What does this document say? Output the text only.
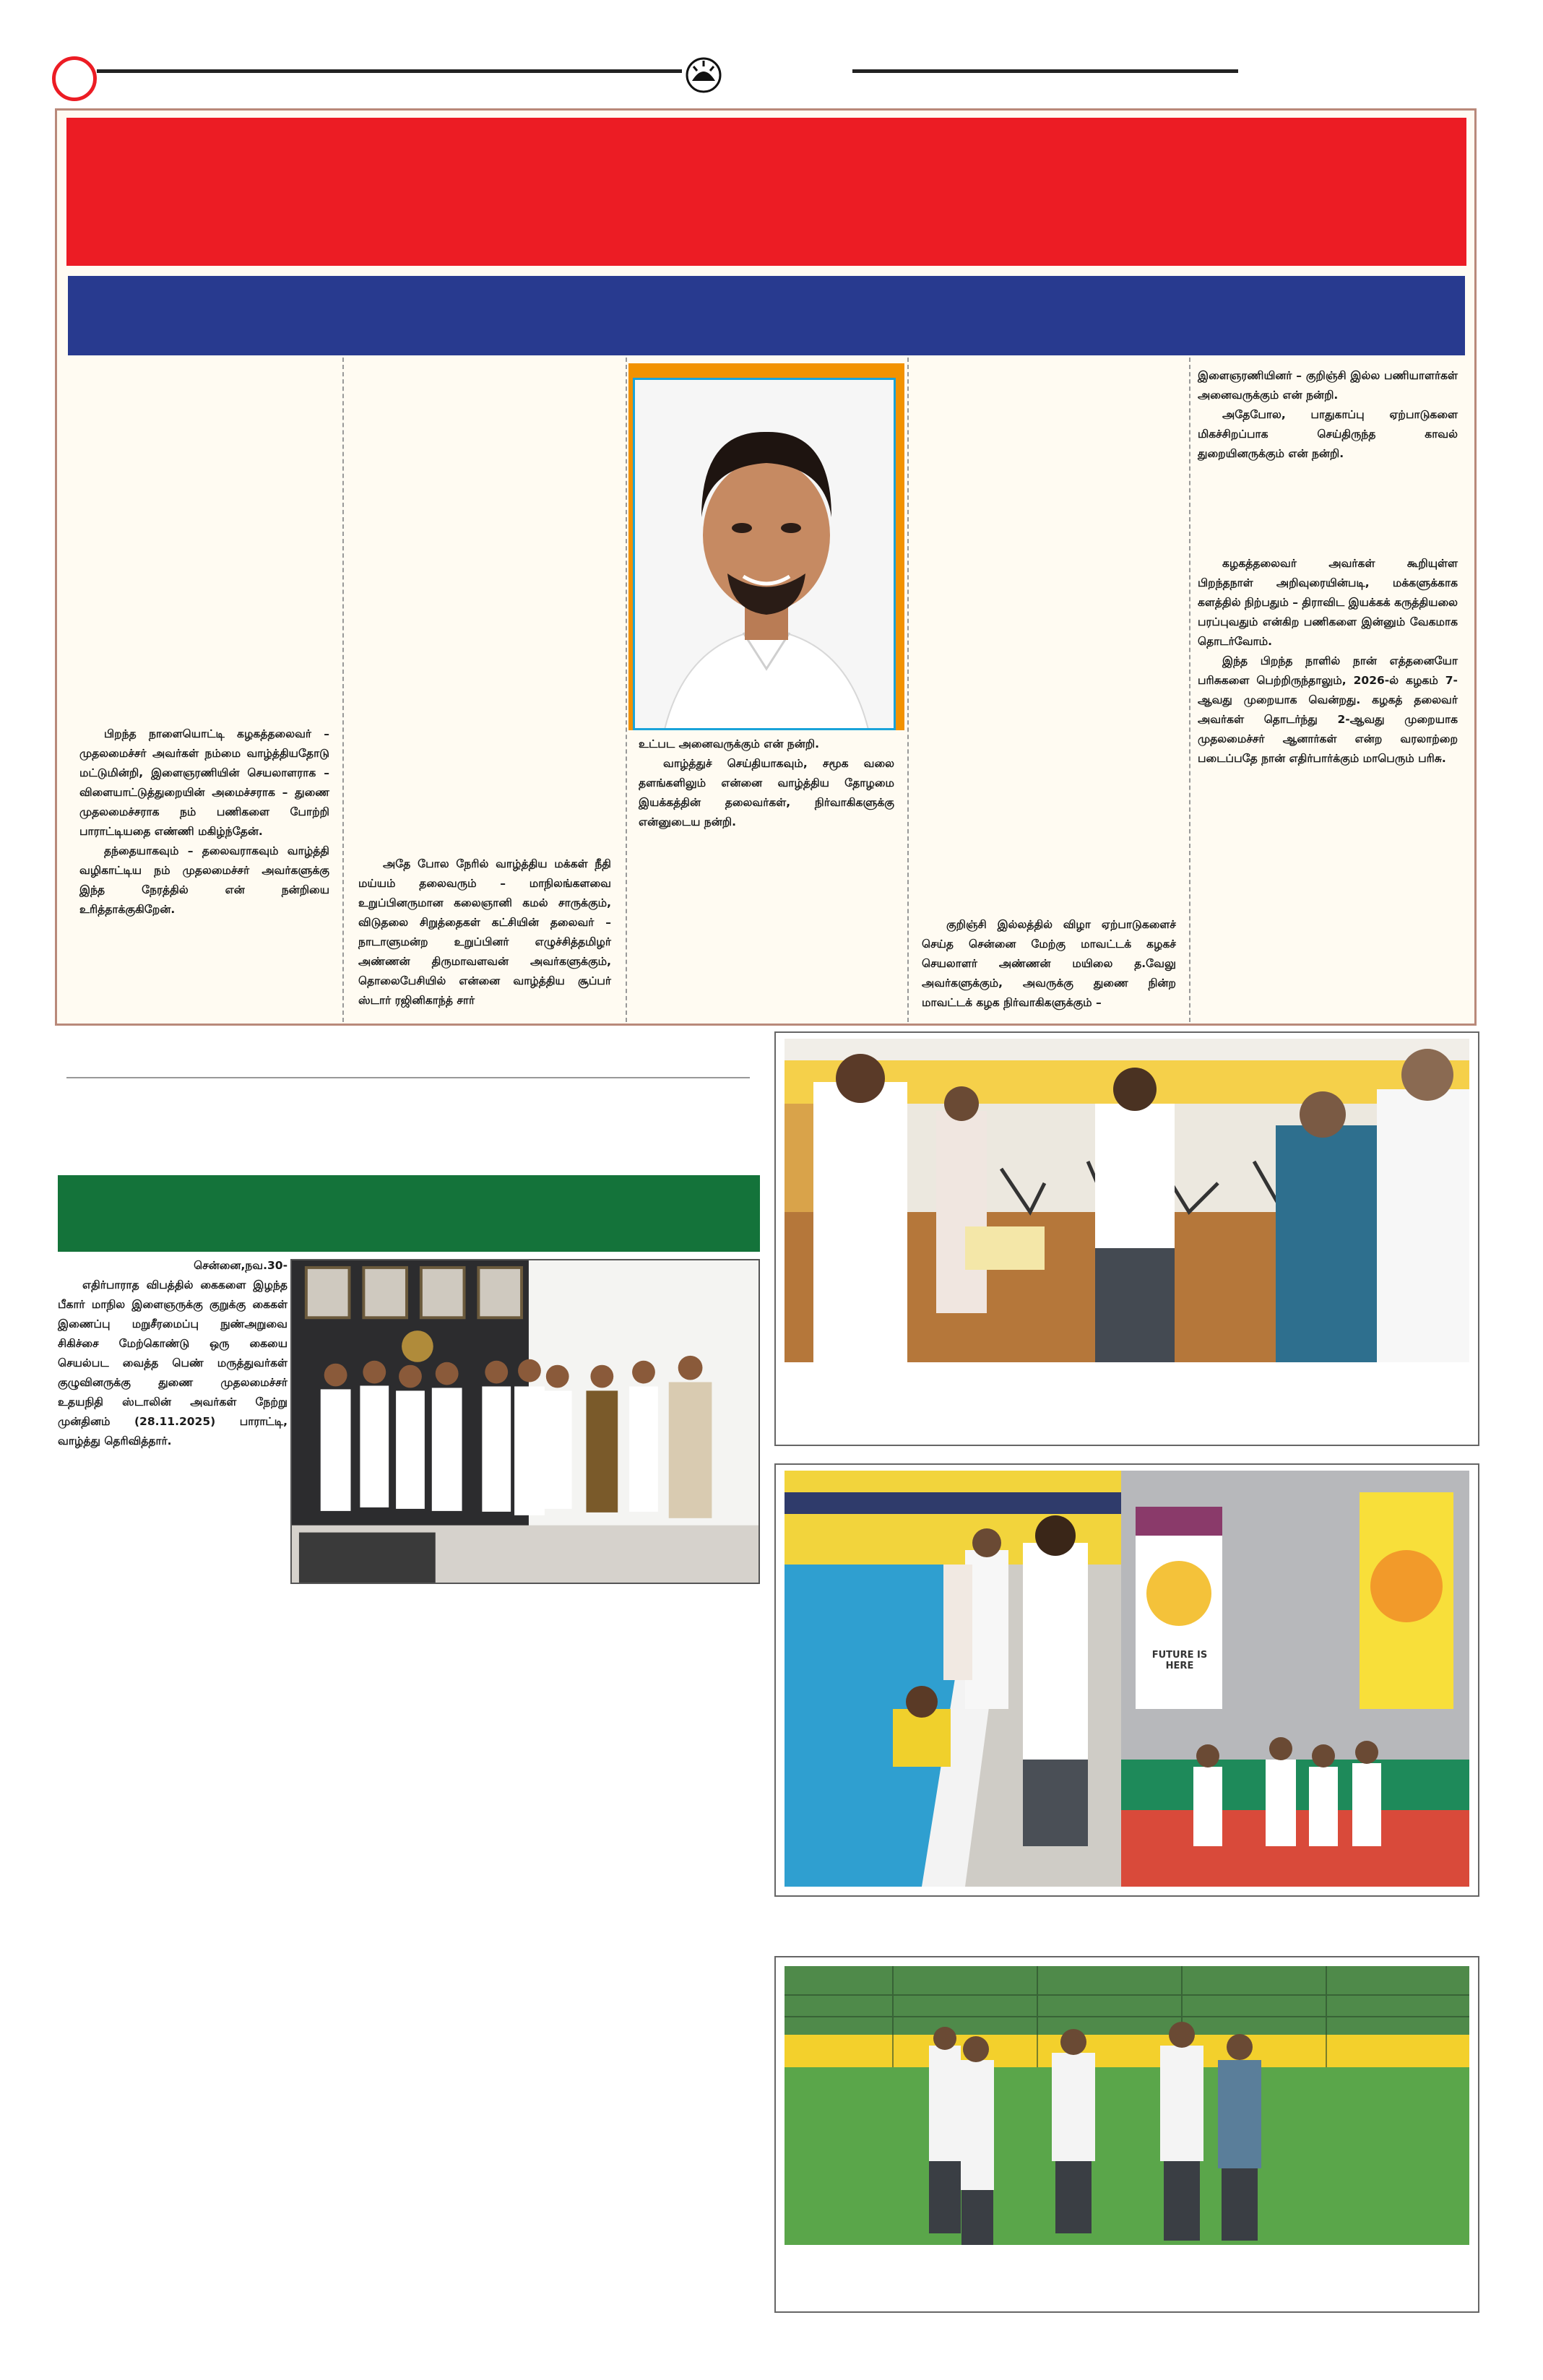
பிறந்த நாளையொட்டி கழகத்தலைவர் – முதலமைச்சர் அவர்கள் நம்மை வாழ்த்தியதோடு மட்டுமின்றி, இளைஞரணியின் செயலாளராக – விளையாட்டுத்துறையின் அமைச்சராக – துணை முதலமைச்சராக நம் பணிகளை போற்றி பாராட்டியதை எண்ணி மகிழ்ந்தேன்.

தந்தையாகவும் – தலைவராகவும் வாழ்த்தி வழிகாட்டிய நம் முதலமைச்சர் அவர்களுக்கு இந்த நேரத்தில் என் நன்றியை உரித்தாக்குகிறேன்.

அதே போல நேரில் வாழ்த்திய மக்கள் நீதி மய்யம் தலைவரும் – மாநிலங்களவை உறுப்பினருமான கலைஞானி கமல் சாருக்கும், விடுதலை சிறுத்தைகள் கட்சியின் தலைவர் – நாடாளுமன்ற உறுப்பினர் எழுச்சித்தமிழர் அண்ணன் திருமாவளவன் அவர்களுக்கும், தொலைபேசியில் என்னை வாழ்த்திய சூப்பர் ஸ்டார் ரஜினிகாந்த் சார்

உட்பட அனைவருக்கும் என் நன்றி.

வாழ்த்துச் செய்தியாகவும், சமூக வலை தளங்களிலும் என்னை வாழ்த்திய தோழமை இயக்கத்தின் தலைவர்கள், நிர்வாகிகளுக்கு என்னுடைய நன்றி.

குறிஞ்சி இல்லத்தில் விழா ஏற்பாடுகளைச் செய்த சென்னை மேற்கு மாவட்டக் கழகச் செயலாளர் அண்ணன் மயிலை த.வேலு அவர்களுக்கும், அவருக்கு துணை நின்ற மாவட்டக் கழக நிர்வாகிகளுக்கும் –

இளைஞரணியினர் – குறிஞ்சி இல்ல பணியாளர்கள் அனைவருக்கும் என் நன்றி.

அதேபோல, பாதுகாப்பு ஏற்பாடுகளை மிகச்சிறப்பாக செய்திருந்த காவல் துறையினருக்கும் என் நன்றி.

கழகத்தலைவர் அவர்கள் கூறியுள்ள பிறந்தநாள் அறிவுரையின்படி, மக்களுக்காக களத்தில் நிற்பதும் – திராவிட இயக்கக் கருத்தியலை பரப்புவதும் என்கிற பணிகளை இன்னும் வேகமாக தொடர்வோம்.

இந்த பிறந்த நாளில் நான் எத்தனையோ பரிசுகளை பெற்றிருந்தாலும், 2026-ல் கழகம் 7-ஆவது முறையாக வென்றது. கழகத் தலைவர் அவர்கள் தொடர்ந்து 2-ஆவது முறையாக முதலமைச்சர் ஆனார்கள் என்ற வரலாற்றை படைப்பதே நான் எதிர்பார்க்கும் மாபெரும் பரிசு.

சென்னை,நவ.30-

எதிர்பாராத விபத்தில் கைகளை இழந்த பீகார் மாநில இளைஞருக்கு குறுக்கு கைகள் இணைப்பு மறுசீரமைப்பு நுண்அறுவை சிகிச்சை மேற்கொண்டு ஒரு கையை செயல்பட வைத்த பெண் மருத்துவர்கள் குழுவினருக்கு துணை முதலமைச்சர் உதயநிதி ஸ்டாலின் அவர்கள் நேற்று முன்தினம் (28.11.2025) பாராட்டி, வாழ்த்து தெரிவித்தார்.

FUTURE IS
HERE
